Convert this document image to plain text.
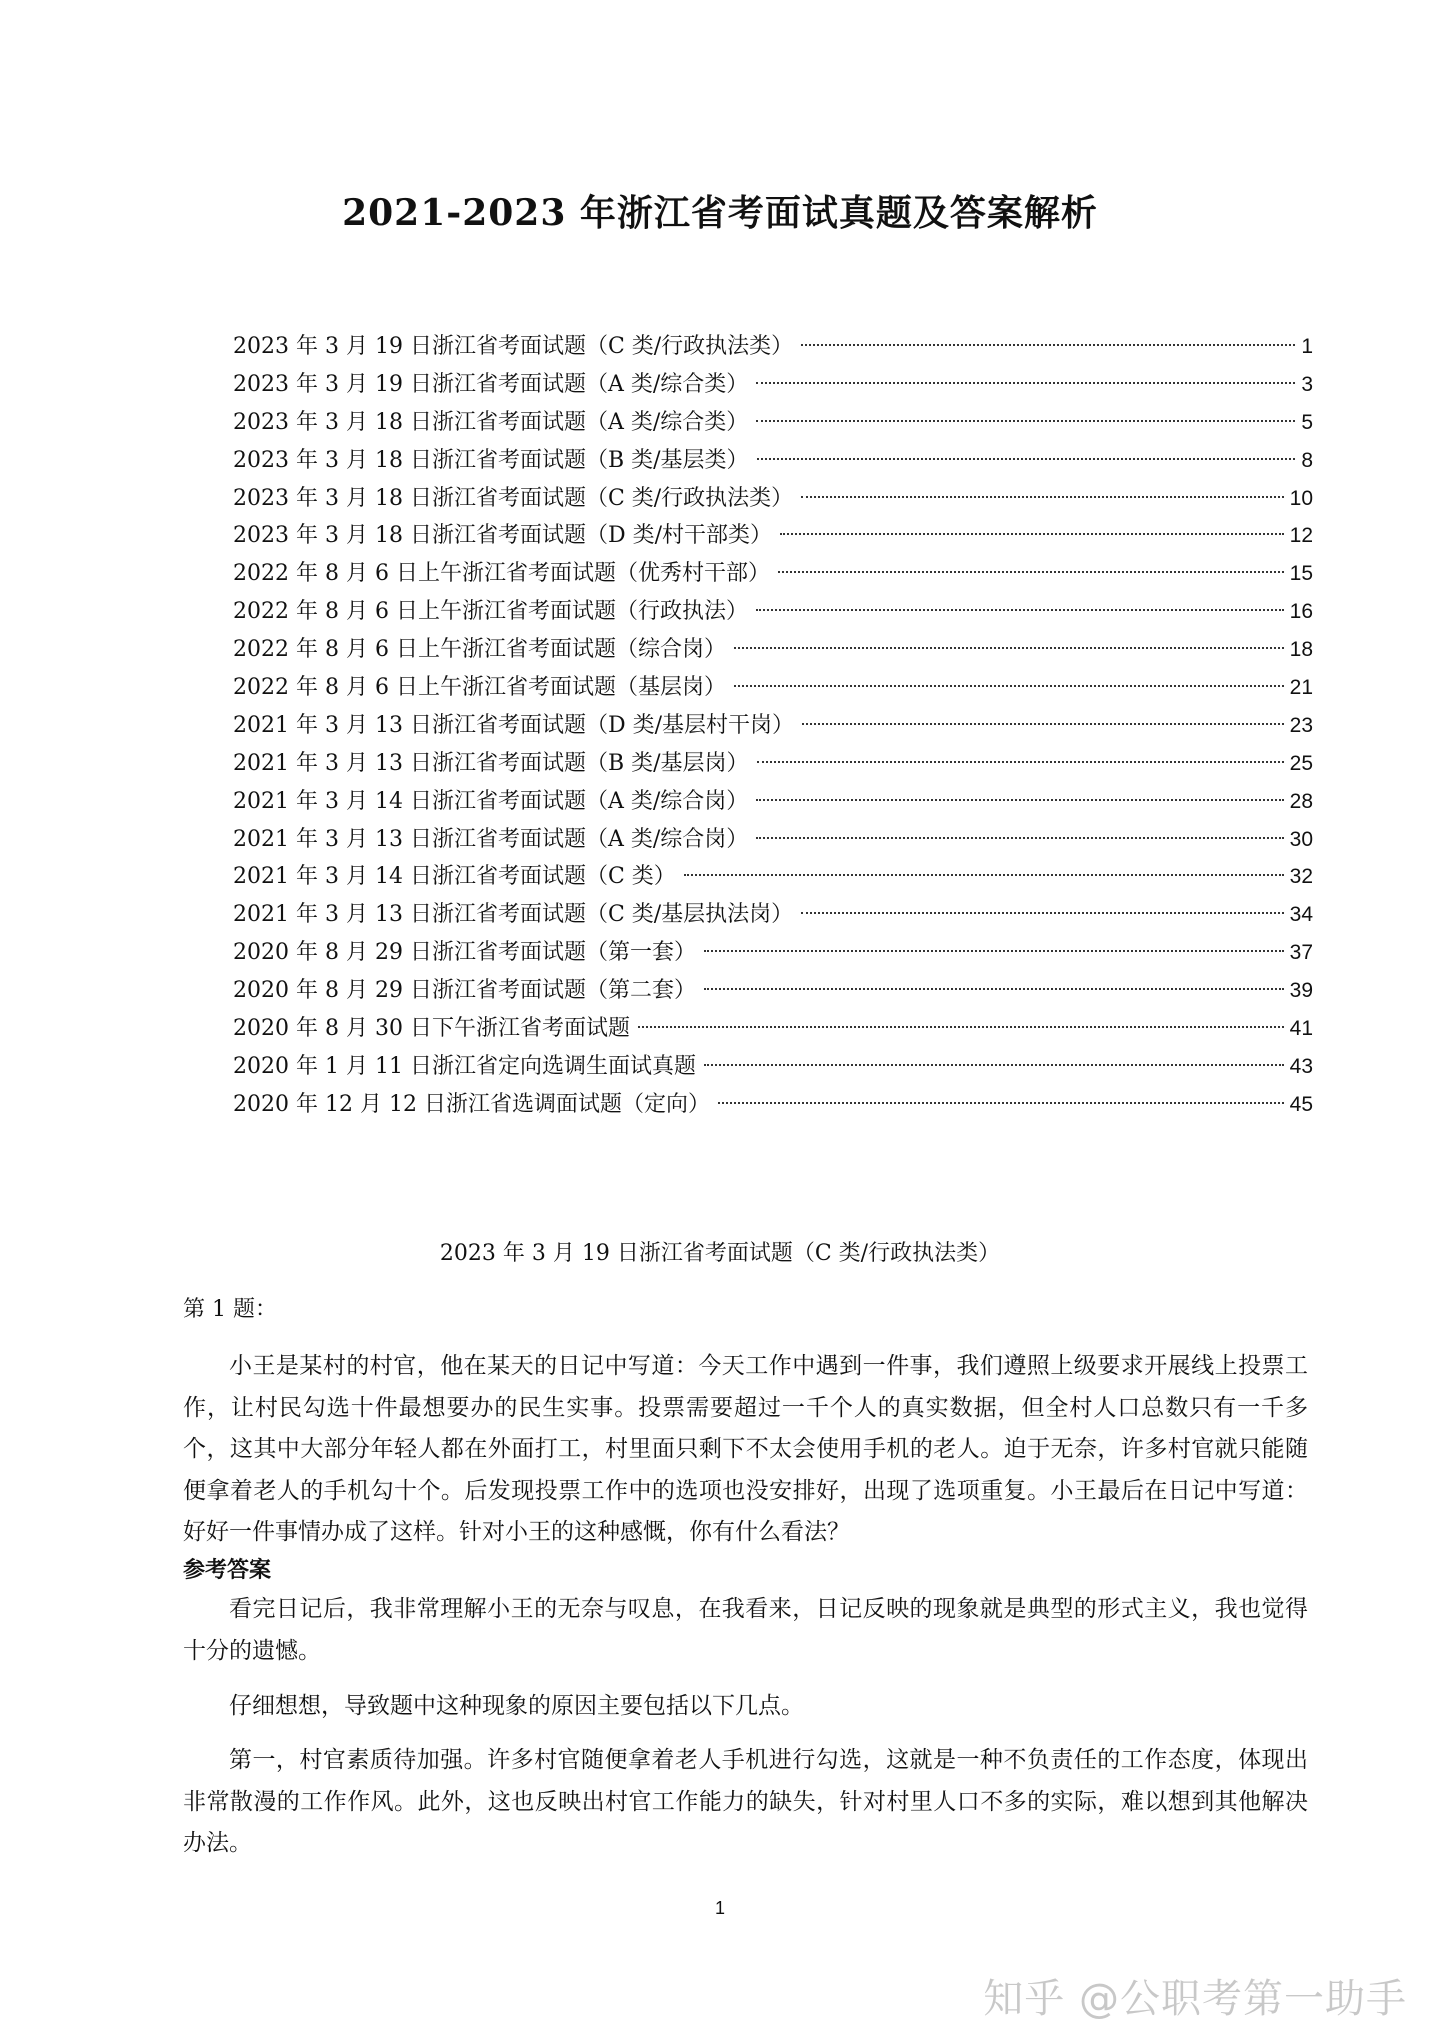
2021-2023 年浙江省考面试真题及答案解析
2023 年 3 月 19 日浙江省考面试题（C 类/行政执法类）	1
2023 年 3 月 19 日浙江省考面试题（A 类/综合类）	3
2023 年 3 月 18 日浙江省考面试题（A 类/综合类）	5
2023 年 3 月 18 日浙江省考面试题（B 类/基层类）	8
2023 年 3 月 18 日浙江省考面试题（C 类/行政执法类）	10
2023 年 3 月 18 日浙江省考面试题（D 类/村干部类）	12
2022 年 8 月 6 日上午浙江省考面试题（优秀村干部）	15
2022 年 8 月 6 日上午浙江省考面试题（行政执法）	16
2022 年 8 月 6 日上午浙江省考面试题（综合岗）	18
2022 年 8 月 6 日上午浙江省考面试题（基层岗）	21
2021 年 3 月 13 日浙江省考面试题（D 类/基层村干岗）	23
2021 年 3 月 13 日浙江省考面试题（B 类/基层岗）	25
2021 年 3 月 14 日浙江省考面试题（A 类/综合岗）	28
2021 年 3 月 13 日浙江省考面试题（A 类/综合岗）	30
2021 年 3 月 14 日浙江省考面试题（C 类）	32
2021 年 3 月 13 日浙江省考面试题（C 类/基层执法岗）	34
2020 年 8 月 29 日浙江省考面试题（第一套）	37
2020 年 8 月 29 日浙江省考面试题（第二套）	39
2020 年 8 月 30 日下午浙江省考面试题	41
2020 年 1 月 11 日浙江省定向选调生面试真题	43
2020 年 12 月 12 日浙江省选调面试题（定向）	45
2023 年 3 月 19 日浙江省考面试题（C 类/行政执法类）
第 1 题：

小王是某村的村官，他在某天的日记中写道：今天工作中遇到一件事，我们遵照上级要求开展线上投票工作，让村民勾选十件最想要办的民生实事。投票需要超过一千个人的真实数据，但全村人口总数只有一千多个，这其中大部分年轻人都在外面打工，村里面只剩下不太会使用手机的老人。迫于无奈，许多村官就只能随便拿着老人的手机勾十个。后发现投票工作中的选项也没安排好，出现了选项重复。小王最后在日记中写道：好好一件事情办成了这样。针对小王的这种感慨，你有什么看法？

参考答案

看完日记后，我非常理解小王的无奈与叹息，在我看来，日记反映的现象就是典型的形式主义，我也觉得十分的遗憾。

仔细想想，导致题中这种现象的原因主要包括以下几点。

第一，村官素质待加强。许多村官随便拿着老人手机进行勾选，这就是一种不负责任的工作态度，体现出非常散漫的工作作风。此外，这也反映出村官工作能力的缺失，针对村里人口不多的实际，难以想到其他解决办法。

1
知乎 @公职考第一助手
